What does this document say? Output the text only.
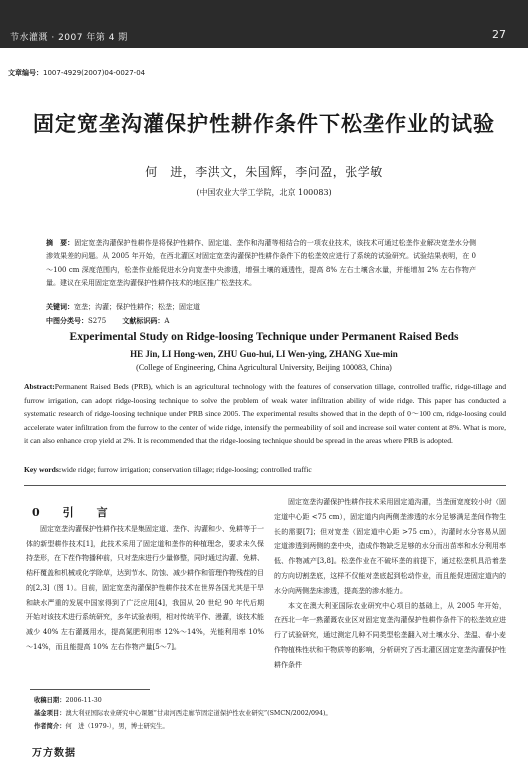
节水灌溉 · 2007 年第 4 期	27
文章编号：1007-4929(2007)04-0027-04
固定宽垄沟灌保护性耕作条件下松垄作业的试验
何　进，李洪文，朱国辉，李问盈，张学敏
(中国农业大学工学院，北京 100083)
摘　要：固定宽垄沟灌保护性耕作是将保护性耕作、固定道、垄作和沟灌等相结合的一项农业技术，该技术可通过松垄作业解决宽垄水分侧渗效果差的问题。从 2005 年开始，在西北灌区对固定宽垄沟灌保护性耕作条件下的松垄效应进行了系统的试验研究。试验结果表明，在 0～100 cm 深度范围内，松垄作业能促进水分向宽垄中央渗透，增强土壤的通透性，提高 8% 左右土壤含水量，并能增加 2% 左右作物产量。建议在采用固定宽垄沟灌保护性耕作技术的地区推广松垄技术。
关键词：宽垄；沟灌；保护性耕作；松垄；固定道
中图分类号：S275 文献标识码：A
Experimental Study on Ridge-loosing Technique under Permanent Raised Beds
HE Jin, LI Hong-wen, ZHU Guo-hui, LI Wen-ying, ZHANG Xue-min
(College of Engineering, China Agricultural University, Beijing 100083, China)
Abstract:Permanent Raised Beds (PRB), which is an agricultural technology with the features of conservation tillage, controlled traffic, ridge-tillage and furrow irrigation, can adopt ridge-loosing technique to solve the problem of weak water infiltration ability of wide ridge. This paper has conducted a systematic research of ridge-loosing technique under PRB since 2005. The experimental results showed that in the depth of 0～100 cm, ridge-loosing could accelerate water infiltration from the furrow to the center of wide ridge, intensify the permeability of soil and increase soil water content at 8%. What is more, it can also enhance crop yield at 2%. It is recommended that the ridge-loosing technique should be spread in the areas where PRB is adopted.
Key words:wide ridge; furrow irrigation; conservation tillage; ridge-loosing; controlled traffic
0　引　言
固定宽垄沟灌保护性耕作技术是集固定道、垄作、沟灌和少、免耕等于一体的新型耕作技术[1]，此技术采用了固定道和垄作的种植理念，要求未久保持垄形，在下茬作物播种前，只对垄床进行少量修整，同时通过沟灌、免耕、秸秆覆盖和机械或化学除草，达到节水、防蚀、减少耕作和管理作物残茬的目的[2,3]（图 1）。目前，固定宽垄沟灌保护性耕作技术在世界各国尤其是干旱和缺水严重的发展中国家得到了广泛应用[4]，我国从 20 世纪 90 年代后期开始对该技术进行系统研究，多年试验表明，相对传统平作、漫灌，该技术能减少 40% 左右灌溉用水，提高氮肥利用率 12%～14%，光能利用率 10%～14%，而且能提高 10% 左右作物产量[5～7]。
固定宽垄沟灌保护性耕作技术采用固定道沟灌，当垄面宽度较小时（固定道中心距 <75 cm），固定道内向两侧垄渗透的水分足够满足垄间作物生长的需要[7]；但对宽垄（固定道中心距 >75 cm），沟灌时水分容易从固定道渗透到两侧的垄中央，造成作物缺乏足够的水分而出苗率和水分利用率低、作物减产[3,8]。松垄作业在不破坏垄的前提下，通过松垄机具沿着垄的方向切割垄底，这样不仅能对垄底起到松动作业，而且能促进固定道内的水分向两侧垄床渗透，提高垄的渗水能力。
本文在澳大利亚国际农业研究中心项目的基础上，从 2005 年开始，在西北一年一熟灌溉农业区对固定宽垄沟灌保护性耕作条件下的松垄效应进行了试验研究，通过测定几种不同类型松垄翻入对土壤水分、垄温、春小麦作物植株性状和干物质等的影响，分析研究了西北灌区固定宽垄沟灌保护性耕作条件
收稿日期：2006-11-30
基金项目：澳大利亚国际农业研究中心课题“甘肃河西走廊节固定道保护性农业研究”(SMCN/2002/094)。
作者简介：何　进（1979-），男，博士研究生。
万方数据
